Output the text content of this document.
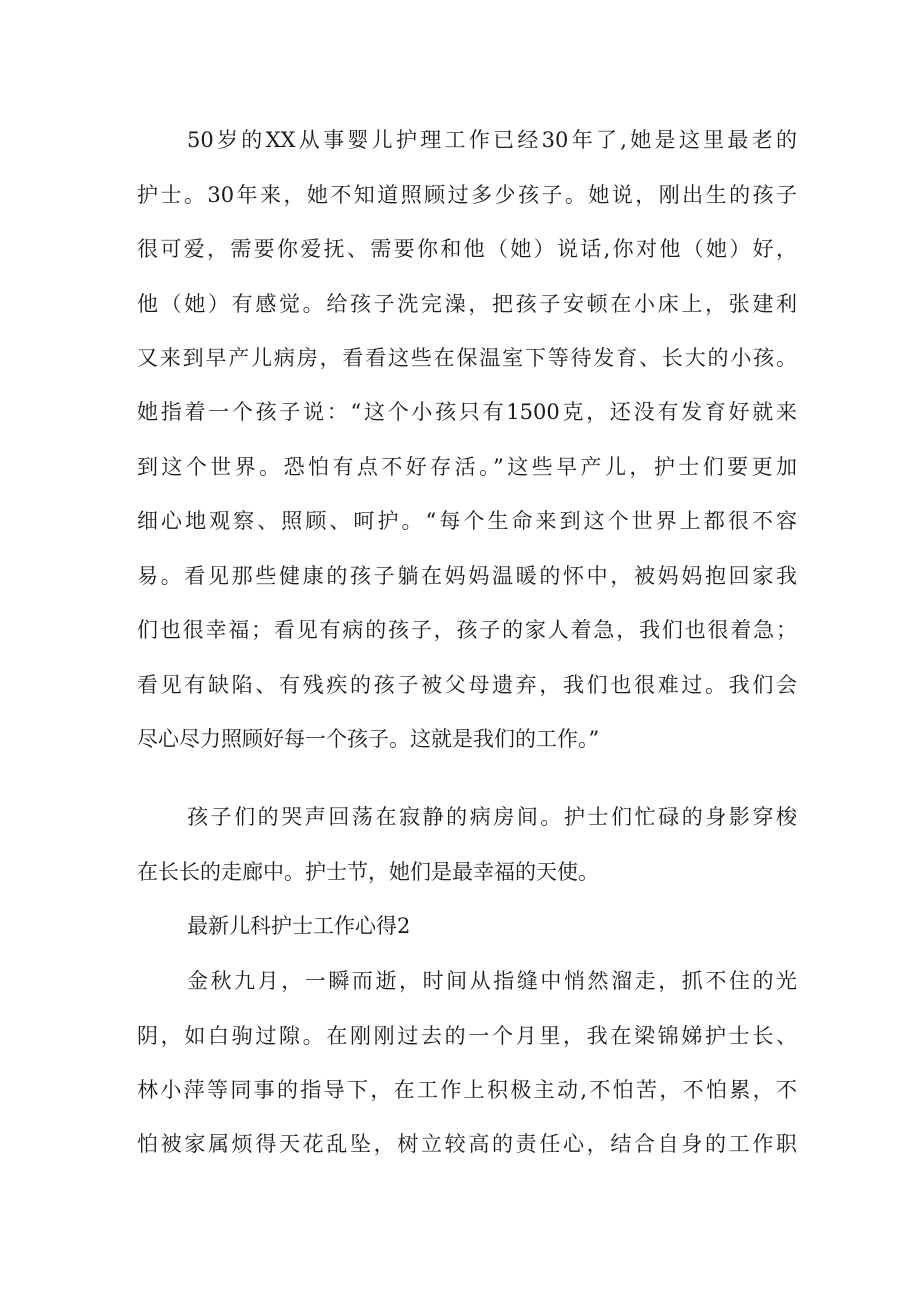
50岁的XX从事婴儿护理工作已经30年了,她是这里最老的
护士。30年来，她不知道照顾过多少孩子。她说，刚出生的孩子
很可爱，需要你爱抚、需要你和他（她）说话,你对他（她）好，
他（她）有感觉。给孩子洗完澡，把孩子安顿在小床上，张建利
又来到早产儿病房，看看这些在保温室下等待发育、长大的小孩。
她指着一个孩子说：“这个小孩只有1500克，还没有发育好就来
到这个世界。恐怕有点不好存活。”这些早产儿，护士们要更加
细心地观察、照顾、呵护。“每个生命来到这个世界上都很不容
易。看见那些健康的孩子躺在妈妈温暖的怀中，被妈妈抱回家我
们也很幸福；看见有病的孩子，孩子的家人着急，我们也很着急；
看见有缺陷、有残疾的孩子被父母遗弃，我们也很难过。我们会
尽心尽力照顾好每一个孩子。这就是我们的工作。”
孩子们的哭声回荡在寂静的病房间。护士们忙碌的身影穿梭
在长长的走廊中。护士节，她们是最幸福的天使。
最新儿科护士工作心得2
金秋九月，一瞬而逝，时间从指缝中悄然溜走，抓不住的光
阴，如白驹过隙。在刚刚过去的一个月里，我在梁锦娣护士长、
林小萍等同事的指导下，在工作上积极主动,不怕苦，不怕累，不
怕被家属烦得天花乱坠，树立较高的责任心，结合自身的工作职
